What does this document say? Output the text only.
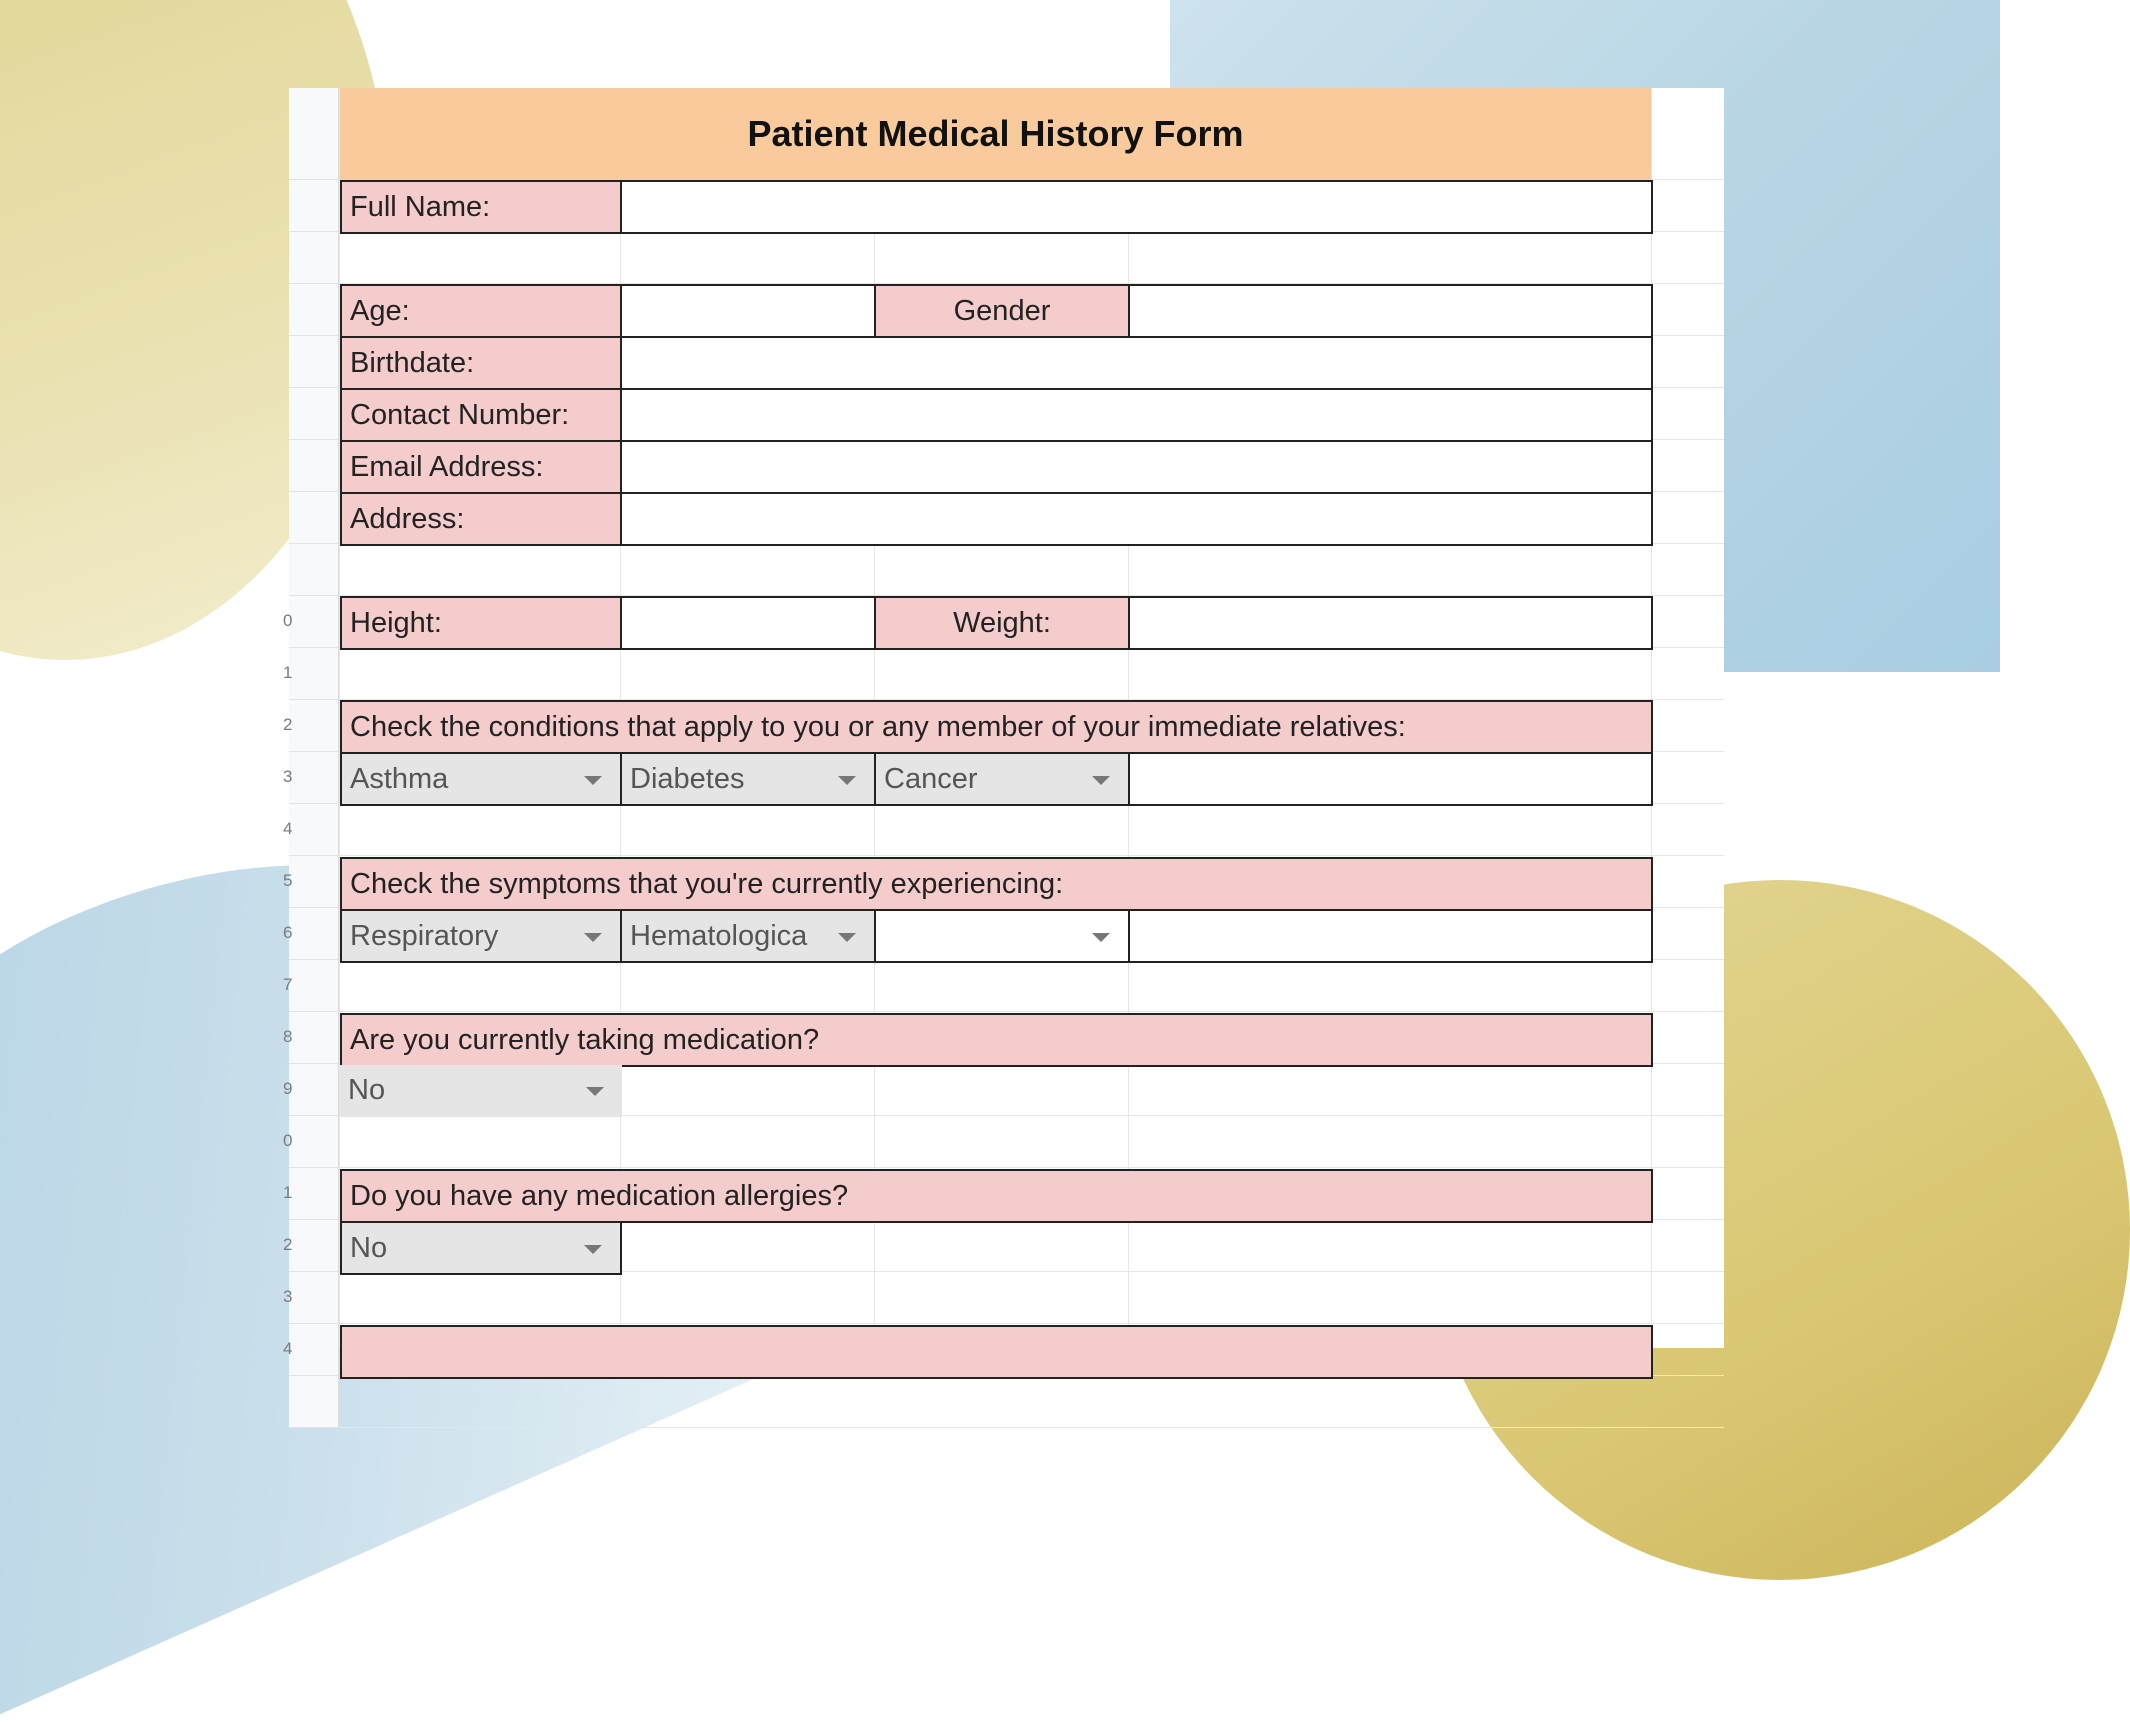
0
1
2
3
4
5
6
7
8
9
0
1
2
3
4
Patient Medical History Form
Full Name:
Age:	Gender
Birthdate:
Contact Number:
Email Address:
Address:
Height:	Weight:
Check the conditions that apply to you or any member of your immediate relatives:
Asthma	Diabetes	Cancer
Check the symptoms that you're currently experiencing:
Respiratory	Hematologica
Are you currently taking medication?
No
Do you have any medication allergies?
No
